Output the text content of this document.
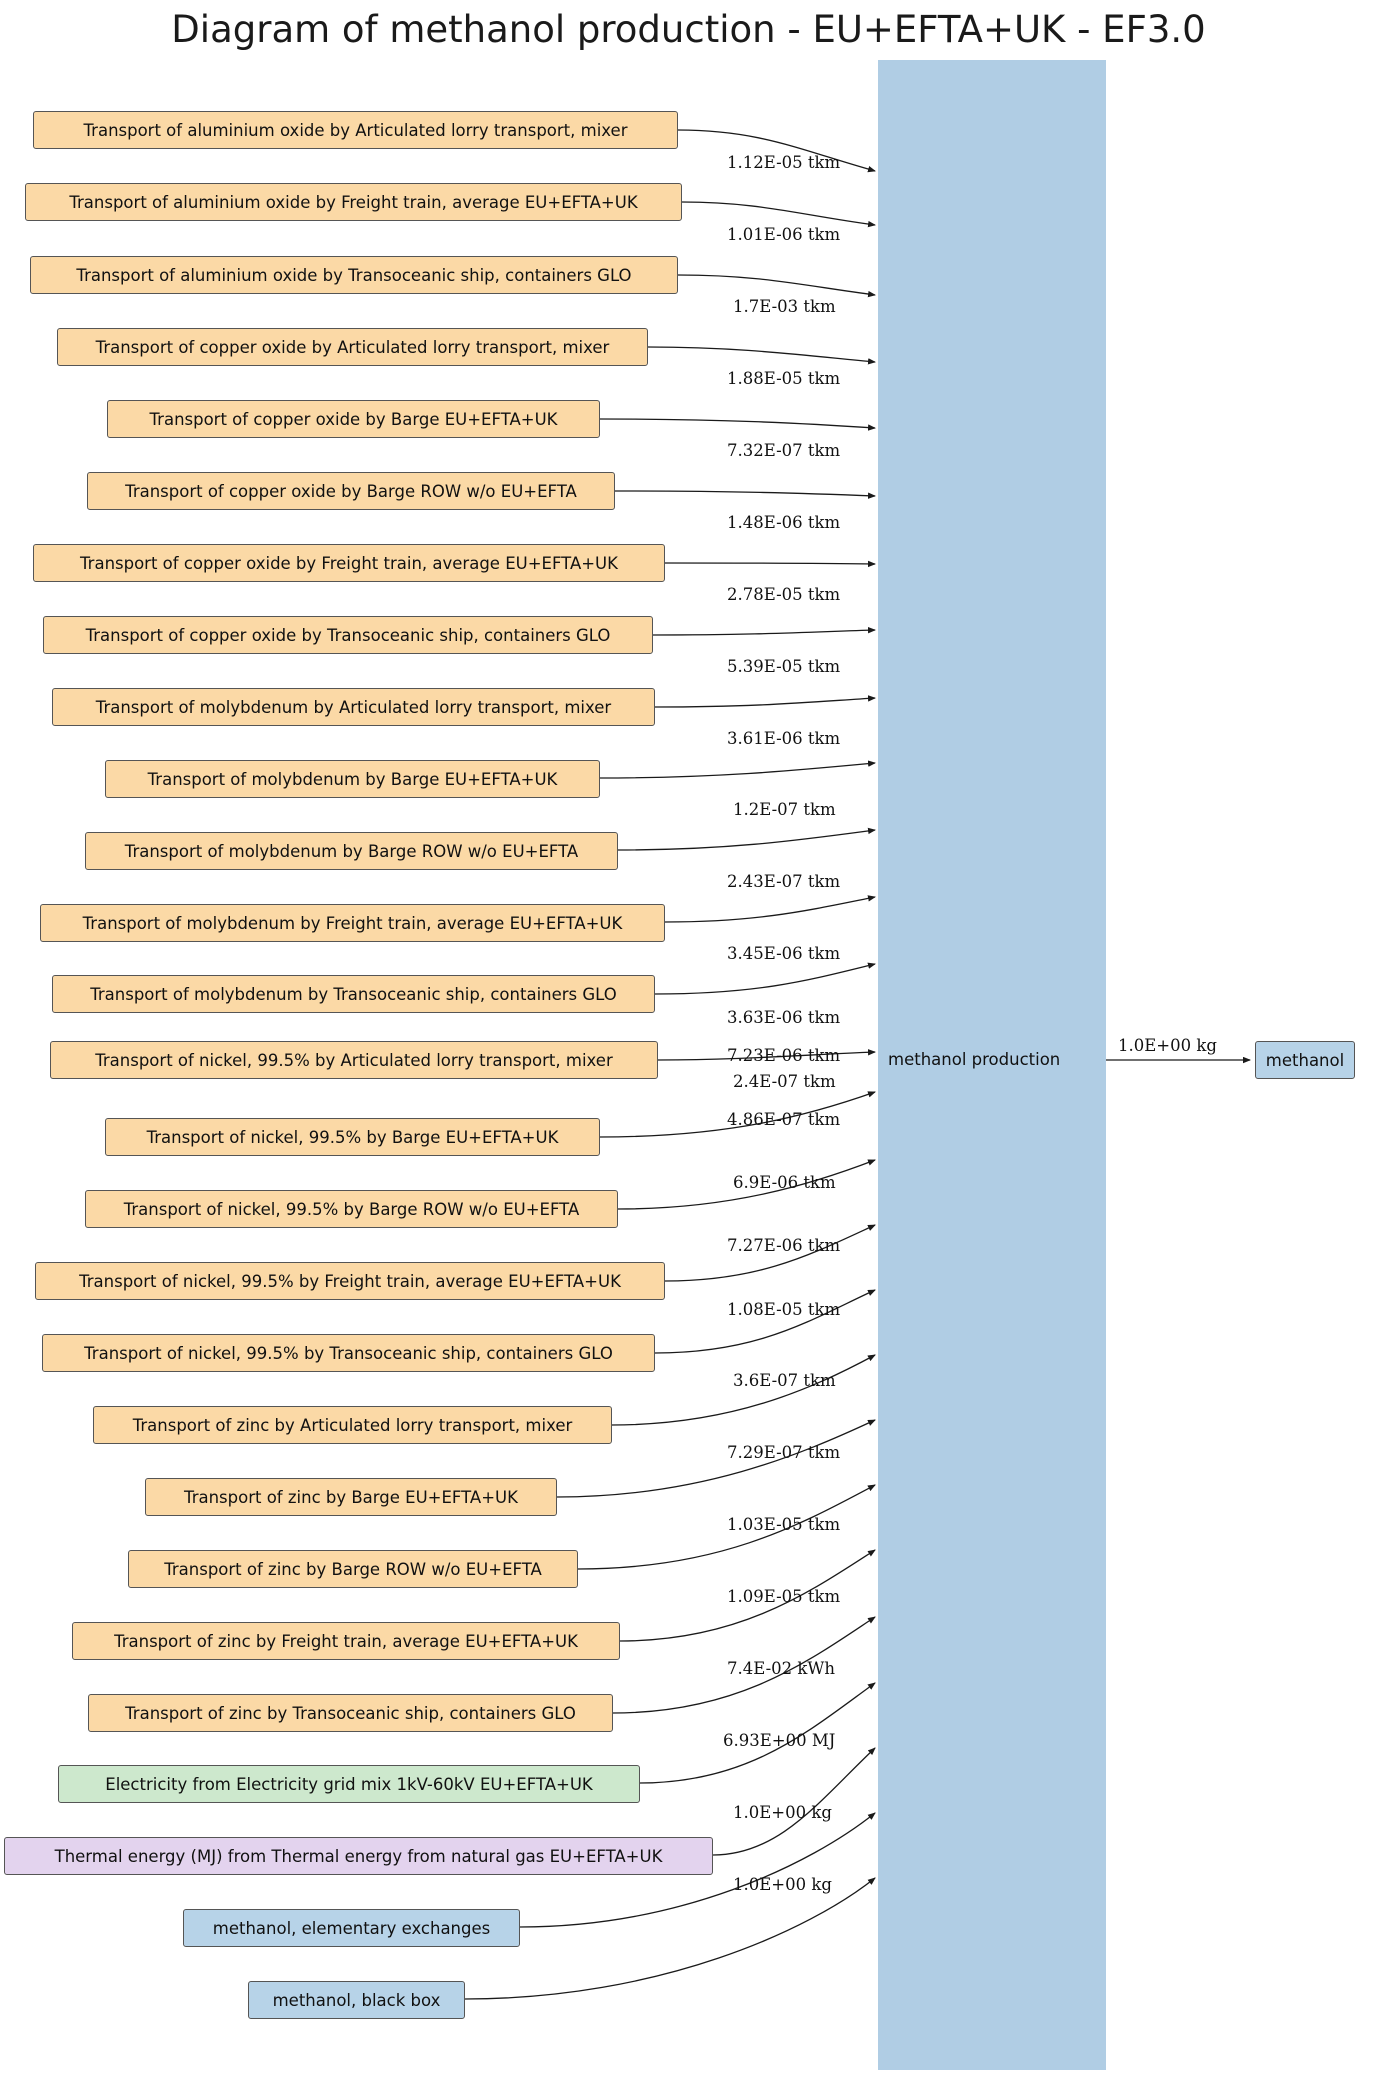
Diagram of methanol production - EU+EFTA+UK - EF3.0
Transport of aluminium oxide by Articulated lorry transport, mixer
Transport of aluminium oxide by Freight train, average EU+EFTA+UK
Transport of aluminium oxide by Transoceanic ship, containers GLO
Transport of copper oxide by Articulated lorry transport, mixer
Transport of copper oxide by Barge EU+EFTA+UK
Transport of copper oxide by Barge ROW w/o EU+EFTA
Transport of copper oxide by Freight train, average EU+EFTA+UK
Transport of copper oxide by Transoceanic ship, containers GLO
Transport of molybdenum by Articulated lorry transport, mixer
Transport of molybdenum by Barge EU+EFTA+UK
Transport of molybdenum by Barge ROW w/o EU+EFTA
Transport of molybdenum by Freight train, average EU+EFTA+UK
Transport of molybdenum by Transoceanic ship, containers GLO
Transport of nickel, 99.5% by Articulated lorry transport, mixer
Transport of nickel, 99.5% by Barge EU+EFTA+UK
Transport of nickel, 99.5% by Barge ROW w/o EU+EFTA
Transport of nickel, 99.5% by Freight train, average EU+EFTA+UK
Transport of nickel, 99.5% by Transoceanic ship, containers GLO
Transport of zinc by Articulated lorry transport, mixer
Transport of zinc by Barge EU+EFTA+UK
Transport of zinc by Barge ROW w/o EU+EFTA
Transport of zinc by Freight train, average EU+EFTA+UK
Transport of zinc by Transoceanic ship, containers GLO
Electricity from Electricity grid mix 1kV-60kV EU+EFTA+UK
Thermal energy (MJ) from Thermal energy from natural gas EU+EFTA+UK
methanol, elementary exchanges
methanol, black box
1.12E-05 tkm
1.01E-06 tkm
1.7E-03 tkm
1.88E-05 tkm
7.32E-07 tkm
1.48E-06 tkm
2.78E-05 tkm
5.39E-05 tkm
3.61E-06 tkm
1.2E-07 tkm
2.43E-07 tkm
3.45E-06 tkm
3.63E-06 tkm
7.23E-06 tkm
2.4E-07 tkm
4.86E-07 tkm
6.9E-06 tkm
7.27E-06 tkm
1.08E-05 tkm
3.6E-07 tkm
7.29E-07 tkm
1.03E-05 tkm
1.09E-05 tkm
7.4E-02 kWh
6.93E+00 MJ
1.0E+00 kg
1.0E+00 kg
methanol production
1.0E+00 kg
methanol
